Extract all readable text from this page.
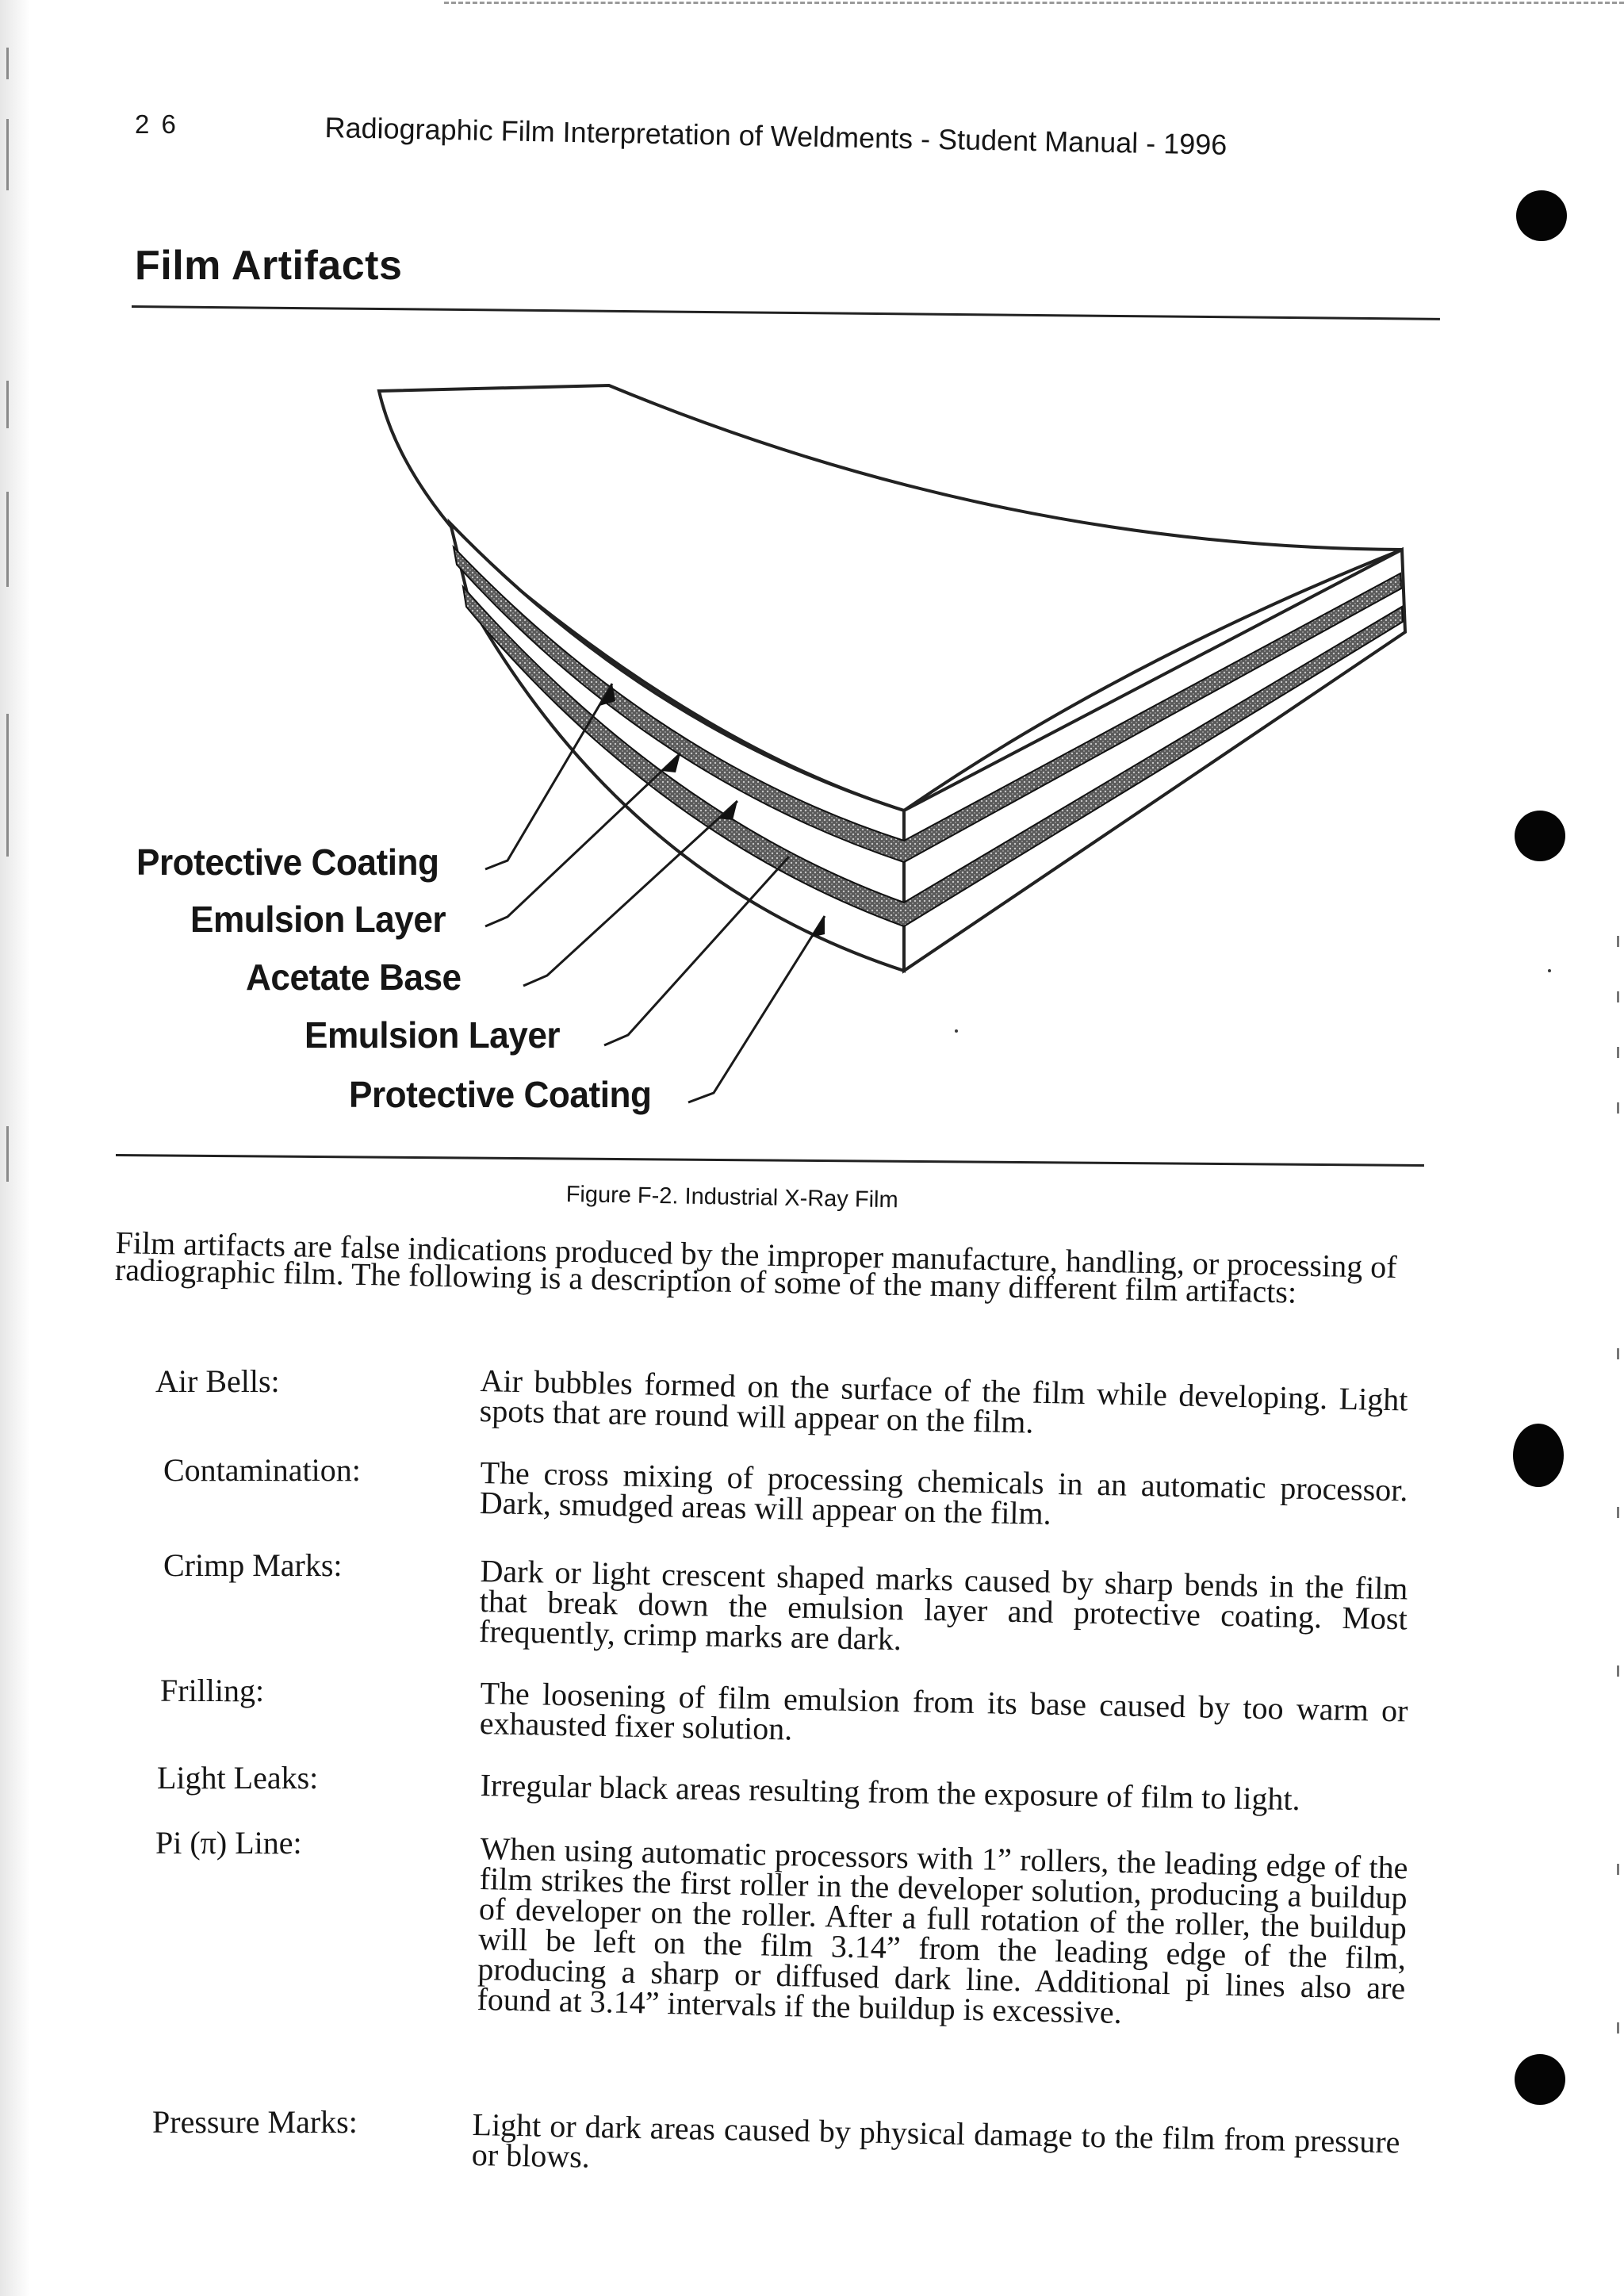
2 6	Radiographic Film Interpretation of Weldments - Student Manual - 1996
Film Artifacts
Protective Coating
Emulsion Layer
Acetate Base
Emulsion Layer
Protective Coating
Figure F-2. Industrial X-Ray Film
Film artifacts are false indications produced by the improper manufacture, handling, or processing of radiographic film. The following is a description of some of the many different film artifacts:
Air Bells:	Air bubbles formed on the surface of the film while developing. Light spots that are round will appear on the film.
Contamination:	The cross mixing of processing chemicals in an automatic processor. Dark, smudged areas will appear on the film.
Crimp Marks:	Dark or light crescent shaped marks caused by sharp bends in the film that break down the emulsion layer and protective coating. Most frequently, crimp marks are dark.
Frilling:	The loosening of film emulsion from its base caused by too warm or exhausted fixer solution.
Light Leaks:	Irregular black areas resulting from the exposure of film to light.
Pi (π) Line:	When using automatic processors with 1” rollers, the leading edge of the film strikes the first roller in the developer solution, producing a buildup of developer on the roller. After a full rotation of the roller, the buildup will be left on the film 3.14” from the leading edge of the film, producing a sharp or diffused dark line. Additional pi lines also are found at 3.14” intervals if the buildup is excessive.
Pressure Marks:	Light or dark areas caused by physical damage to the film from pressure or blows.
